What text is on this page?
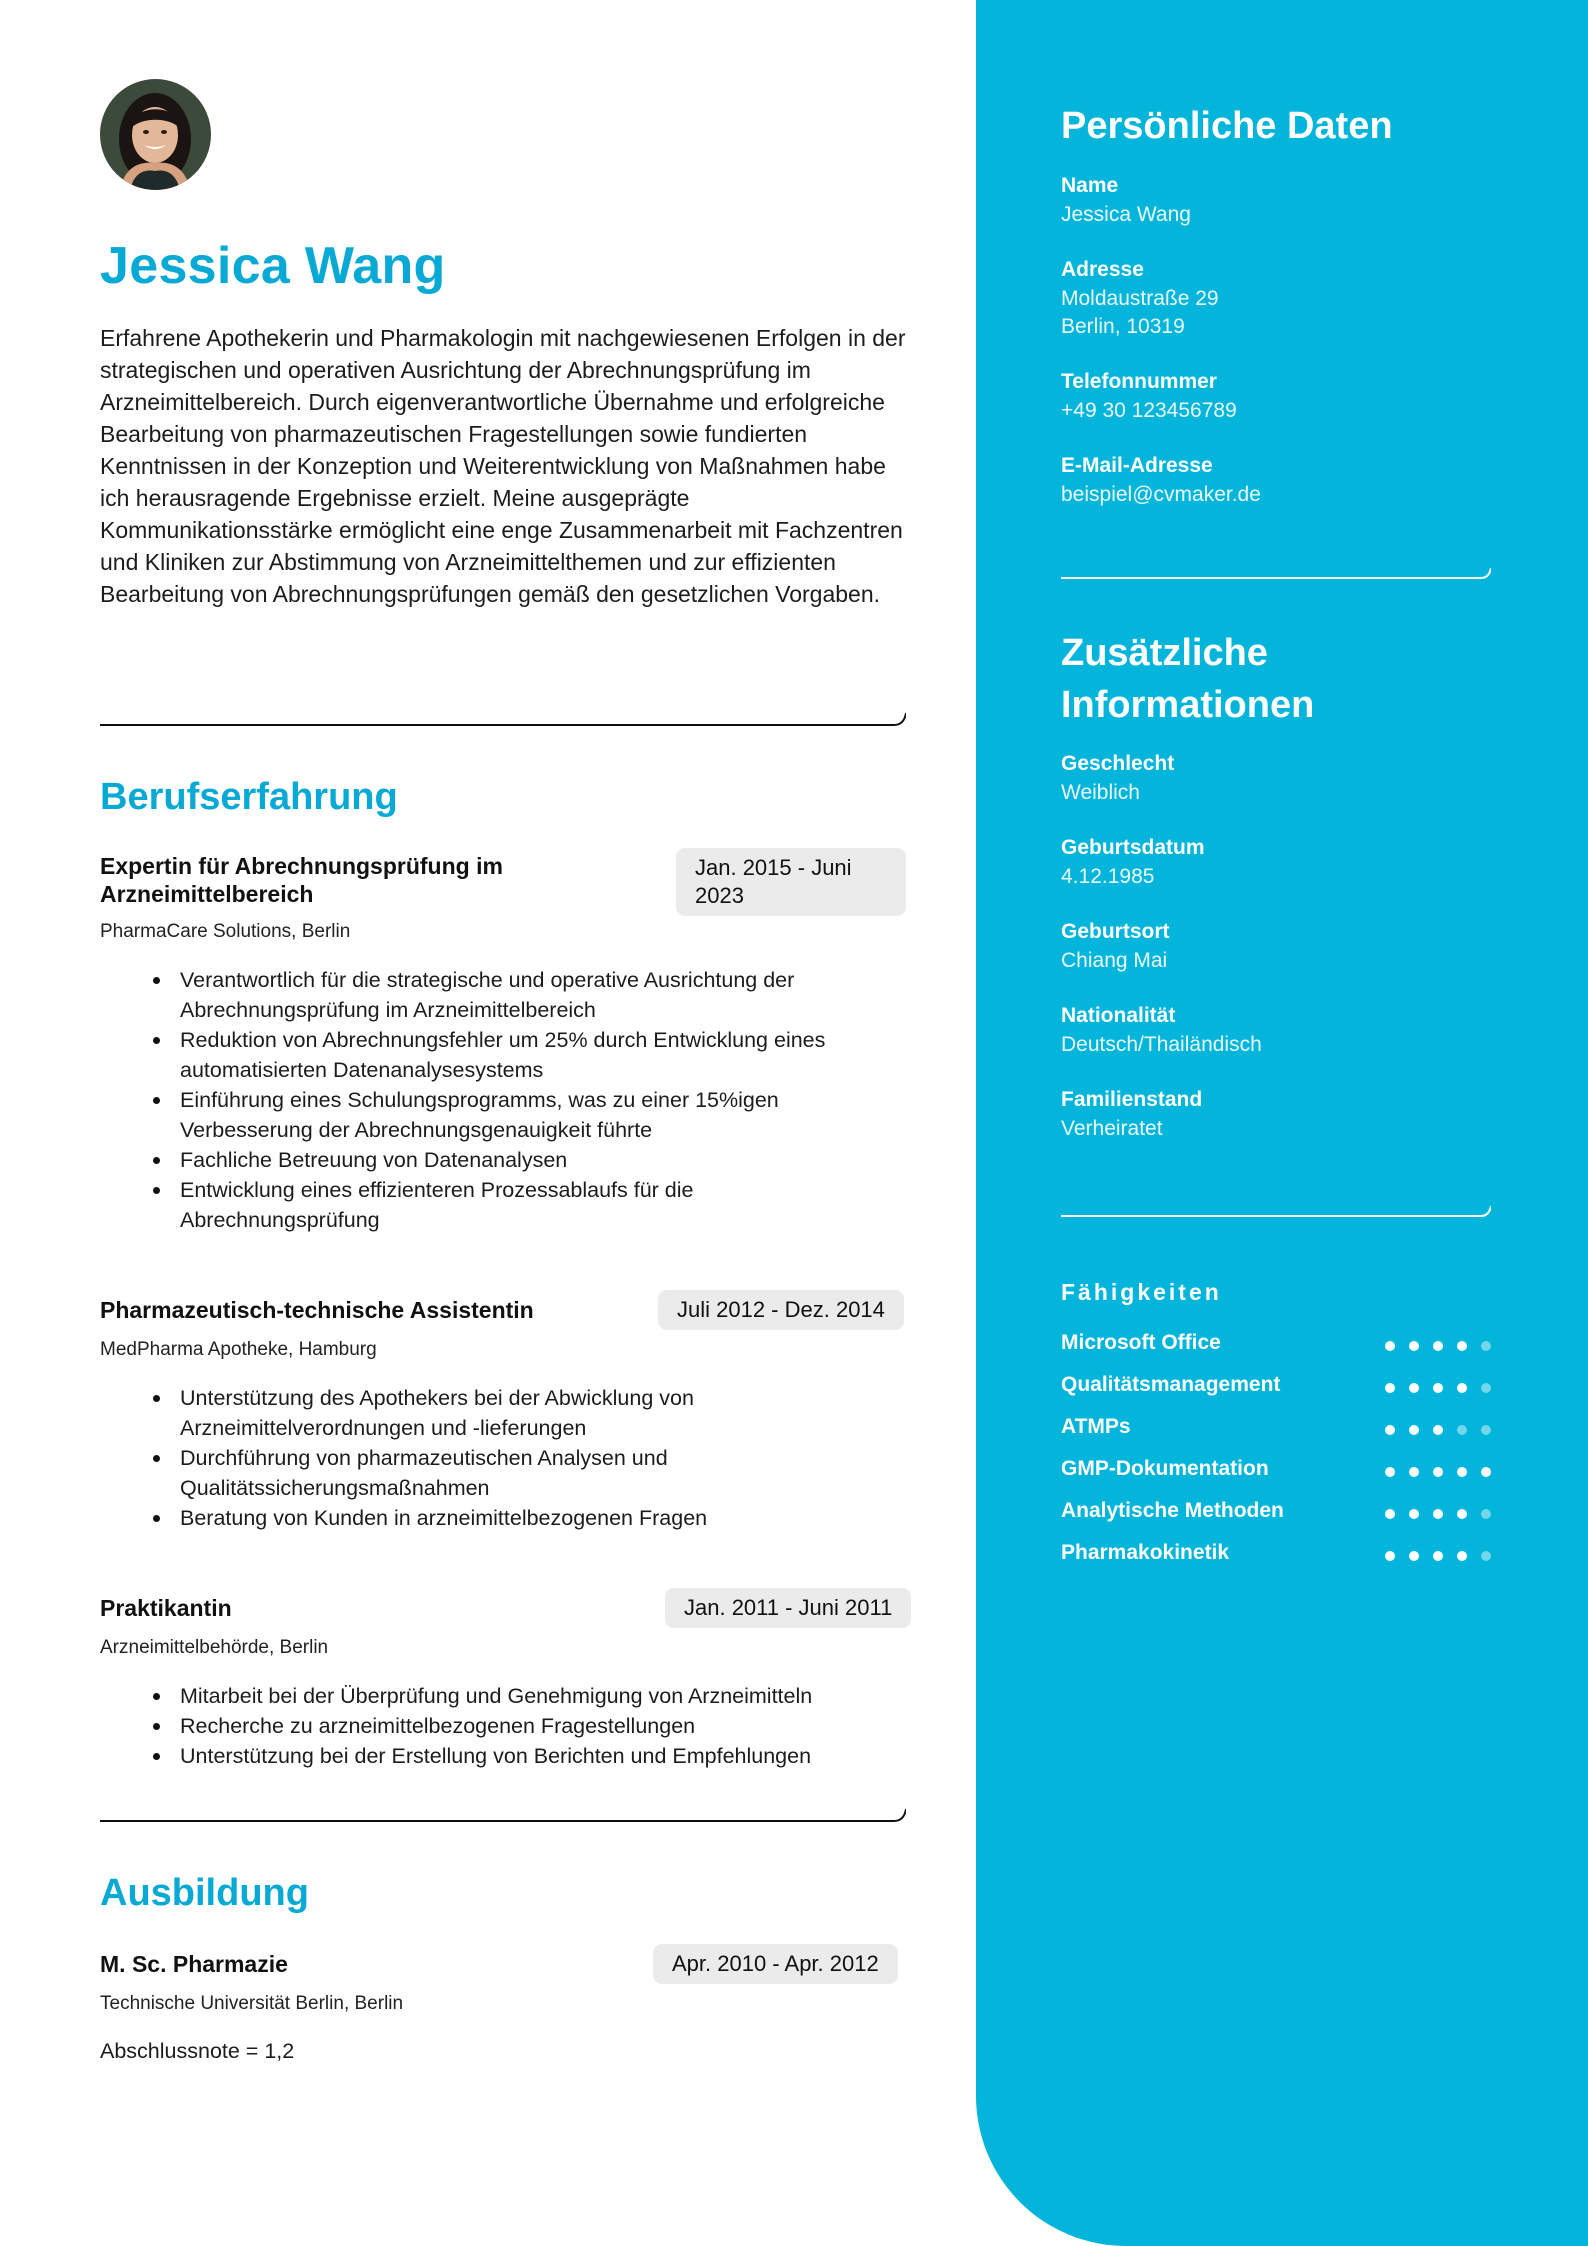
Jessica Wang

Erfahrene Apothekerin und Pharmakologin mit nachgewiesenen Erfolgen in der strategischen und operativen Ausrichtung der Abrechnungsprüfung im Arzneimittelbereich. Durch eigenverantwortliche Übernahme und erfolgreiche Bearbeitung von pharmazeutischen Fragestellungen sowie fundierten Kenntnissen in der Konzeption und Weiterentwicklung von Maßnahmen habe ich herausragende Ergebnisse erzielt. Meine ausgeprägte Kommunikationsstärke ermöglicht eine enge Zusammenarbeit mit Fachzentren und Kliniken zur Abstimmung von Arzneimittelthemen und zur effizienten Bearbeitung von Abrechnungsprüfungen gemäß den gesetzlichen Vorgaben.

Berufserfahrung
Expertin für Abrechnungsprüfung im Arzneimittelbereich
Jan. 2015 - Juni 2023
PharmaCare Solutions, Berlin
Verantwortlich für die strategische und operative Ausrichtung der Abrechnungsprüfung im Arzneimittelbereich
Reduktion von Abrechnungsfehler um 25% durch Entwicklung eines automatisierten Datenanalysesystems
Einführung eines Schulungsprogramms, was zu einer 15%igen Verbesserung der Abrechnungsgenauigkeit führte
Fachliche Betreuung von Datenanalysen
Entwicklung eines effizienteren Prozessablaufs für die Abrechnungsprüfung
Pharmazeutisch-technische Assistentin	Juli 2012 - Dez. 2014
MedPharma Apotheke, Hamburg
Unterstützung des Apothekers bei der Abwicklung von Arzneimittelverordnungen und -lieferungen
Durchführung von pharmazeutischen Analysen und Qualitätssicherungsmaßnahmen
Beratung von Kunden in arzneimittelbezogenen Fragen
Praktikantin	Jan. 2011 - Juni 2011
Arzneimittelbehörde, Berlin
Mitarbeit bei der Überprüfung und Genehmigung von Arzneimitteln
Recherche zu arzneimittelbezogenen Fragestellungen
Unterstützung bei der Erstellung von Berichten und Empfehlungen
Ausbildung
M. Sc. Pharmazie	Apr. 2010 - Apr. 2012
Technische Universität Berlin, Berlin
Abschlussnote = 1,2
Persönliche Daten
Name
Jessica Wang
Adresse
Moldaustraße 29
Berlin, 10319
Telefonnummer
+49 30 123456789
E-Mail-Adresse
beispiel@cvmaker.de
Zusätzliche
Informationen
Geschlecht
Weiblich
Geburtsdatum
4.12.1985
Geburtsort
Chiang Mai
Nationalität
Deutsch/Thailändisch
Familienstand
Verheiratet
Fähigkeiten
Microsoft Office
Qualitätsmanagement
ATMPs
GMP-Dokumentation
Analytische Methoden
Pharmakokinetik
